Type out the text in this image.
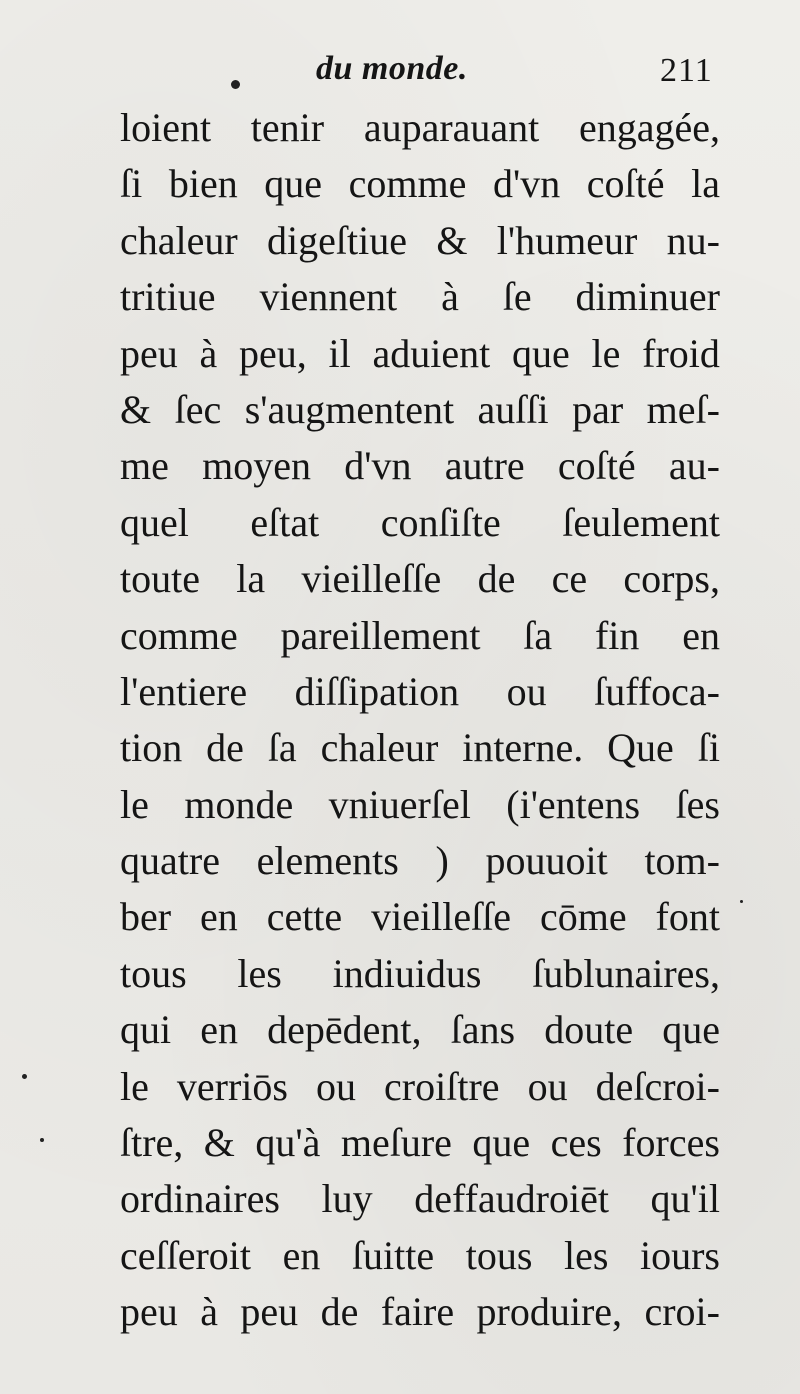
du monde.	211
loient tenir auparauant engagée,
ſi bien que comme d'vn coſté la
chaleur digeſtiue & l'humeur nu-
tritiue viennent à ſe diminuer
peu à peu, il aduient que le froid
& ſec s'augmentent auſſi par meſ-
me moyen d'vn autre coſté au-
quel eſtat conſiſte ſeulement
toute la vieilleſſe de ce corps,
comme pareillement ſa fin en
l'entiere diſſipation ou ſuffoca-
tion de ſa chaleur interne. Que ſi
le monde vniuerſel (i'entens ſes
quatre elements ) pouuoit tom-
ber en cette vieilleſſe cōme font
tous les indiuidus ſublunaires,
qui en depēdent, ſans doute que
le verriōs ou croiſtre ou deſcroi-
ſtre, & qu'à meſure que ces forces
ordinaires luy deffaudroiēt qu'il
ceſſeroit en ſuitte tous les iours
peu à peu de faire produire, croi-
